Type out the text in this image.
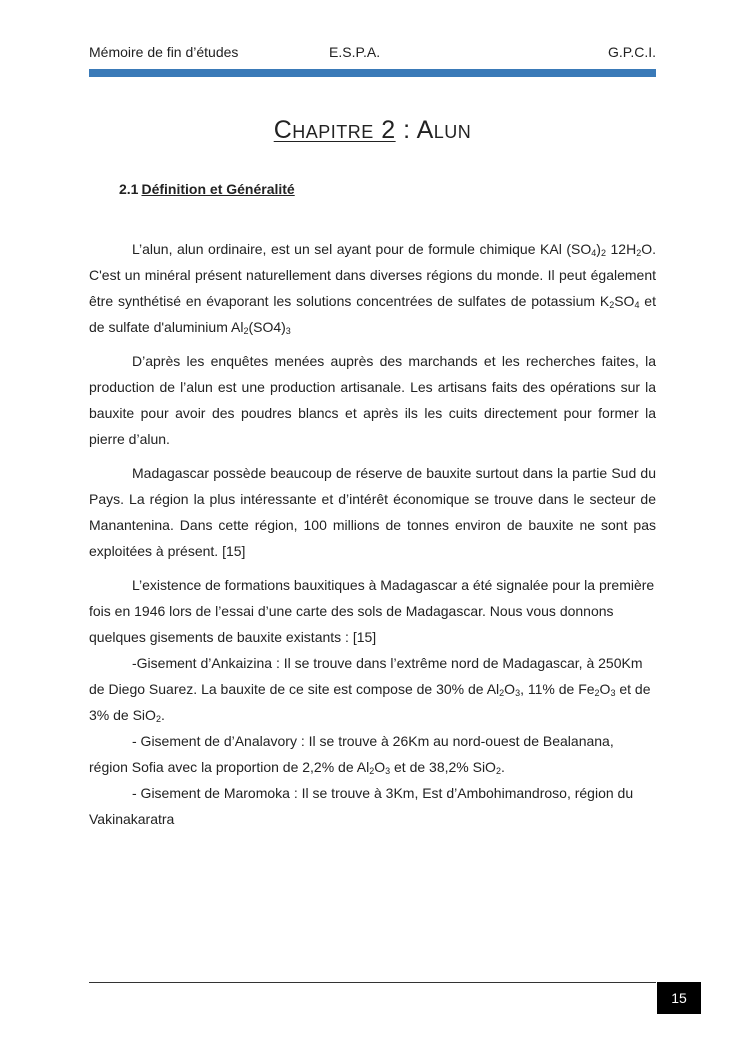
Mémoire de fin d’études	E.S.P.A.	G.P.C.I.
Chapitre 2 : Alun
2.1 Définition et Généralité

L’alun, alun ordinaire, est un sel ayant pour de formule chimique KAl $(SO_4)_2$ $12H_2O$. C'est un minéral présent naturellement dans diverses régions du monde. Il peut également être synthétisé en évaporant les solutions concentrées de sulfates de potassium $K_2SO_4$ et de sulfate d'aluminium $Al_2(SO4)_3$

D’après les enquêtes menées auprès des marchands et les recherches faites, la production de l’alun est une production artisanale. Les artisans faits des opérations sur la bauxite pour avoir des poudres blancs et après ils les cuits directement pour former la pierre d’alun.

Madagascar possède beaucoup de réserve de bauxite surtout dans la partie Sud du Pays. La région la plus intéressante et d’intérêt économique se trouve dans le secteur de Manantenina. Dans cette région, 100 millions de tonnes environ de bauxite ne sont pas exploitées à présent. [15]

L’existence de formations bauxitiques à Madagascar a été signalée pour la première fois en 1946 lors de l’essai d’une carte des sols de Madagascar. Nous vous donnons quelques gisements de bauxite existants : [15]

-Gisement d’Ankaizina : Il se trouve dans l’extrême nord de Madagascar, à 250Km de Diego Suarez. La bauxite de ce site est compose de 30% de $Al_2O_3$, 11% de $Fe_2O_3$ et de 3% de SiO$_2$.

- Gisement de d’Analavory : Il se trouve à 26Km au nord-ouest de Bealanana, région Sofia avec la proportion de 2,2% de $Al_2O_3$ et de 38,2% SiO$_2$.

- Gisement de Maromoka : Il se trouve à 3Km, Est d’Ambohimandroso, région du Vakinakaratra

15
